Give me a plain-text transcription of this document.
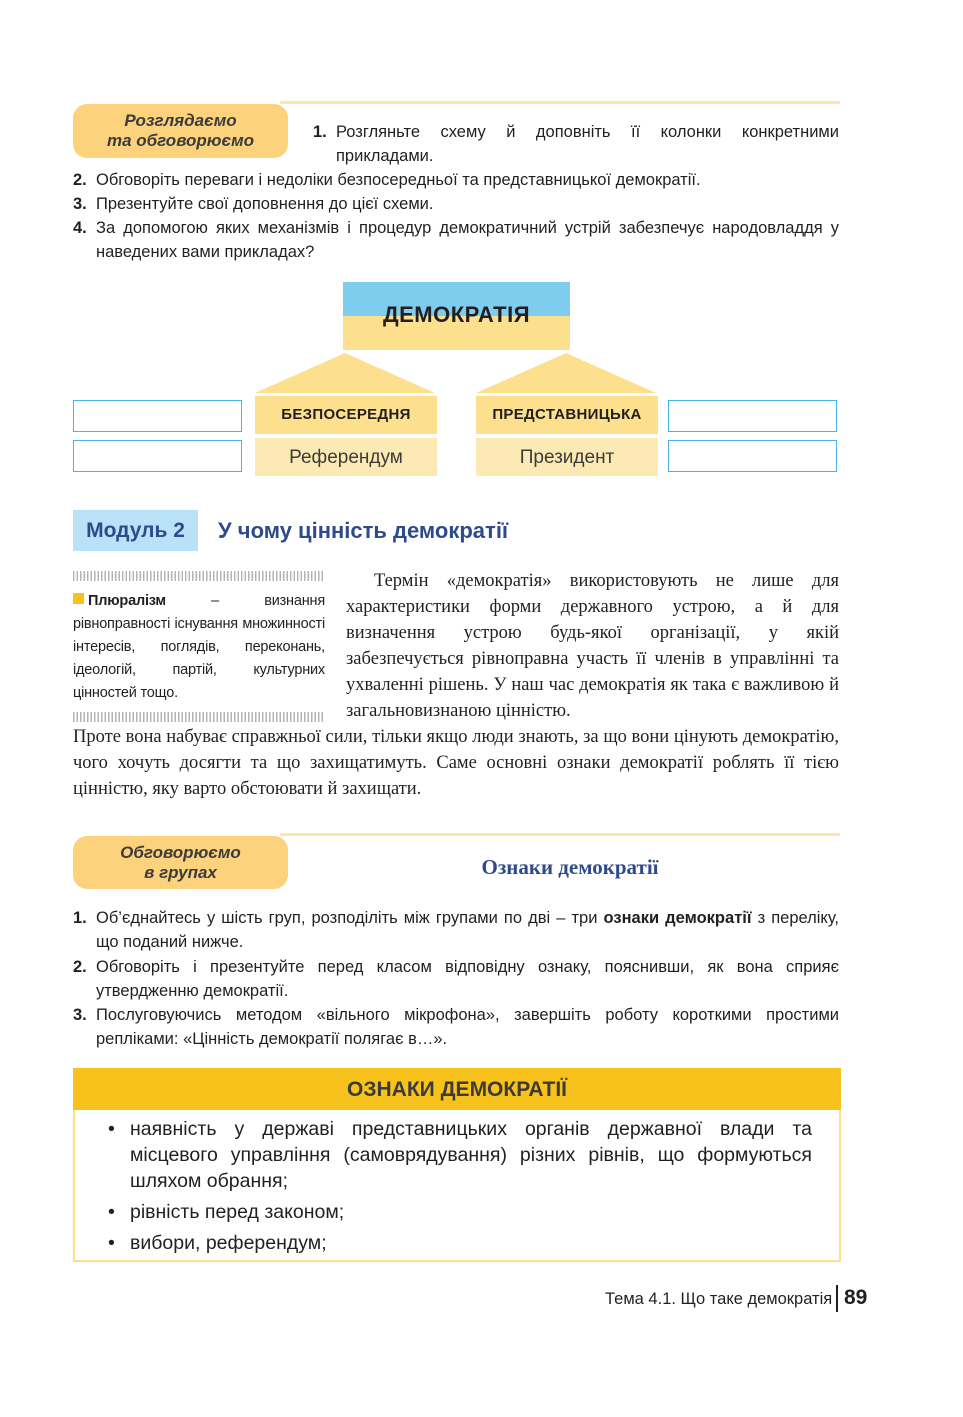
Розглядаємо
та обговорюємо	1. Розгляньте схему й доповніть її колонки конкретними прикладами.
2. Обговоріть переваги і недоліки безпосередньої та представницької демократії.
3. Презентуйте свої доповнення до цієї схеми.
4. За допомогою яких механізмів і процедур демократичний устрій забезпечує народовладдя у наведених вами прикладах?
ДЕМОКРАТІЯ
БЕЗПОСЕРЕДНЯ
Референдум
ПРЕДСТАВНИЦЬКА
Президент
Модуль 2	У чому цінність демократії
Плюралізм – визнання рівноправності існування множинності інтересів, поглядів, переконань, ідеологій, партій, культурних цінностей тощо.
Термін «демократія» використовують не лише для характеристики форми державного устрою, а й для визначення устрою будь-якої організації, у якій забезпечується рівноправна участь її членів в управлінні та ухваленні рішень. У наш час демократія як така є важливою й загальновизнаною цінністю.
Проте вона набуває справжньої сили, тільки якщо люди знають, за що вони цінують демократію, чого хочуть досягти та що захищатимуть. Саме основні ознаки демократії роблять її тією цінністю, яку варто обстоювати й захищати.
Обговорюємо
в групах	Ознаки демократії
1. Об’єднайтесь у шість груп, розподіліть між групами по дві – три ознаки демократії з переліку, що поданий нижче.
2. Обговоріть і презентуйте перед класом відповідну ознаку, пояснивши, як вона сприяє утвердженню демократії.
3. Послуговуючись методом «вільного мікрофона», завершіть роботу короткими простими репліками: «Цінність демократії полягає в…».
ОЗНАКИ ДЕМОКРАТІЇ
• наявність у державі представницьких органів державної влади та місцевого управління (самоврядування) різних рівнів, що формуються шляхом обрання;
• рівність перед законом;
• вибори, референдум;
Тема 4.1. Що таке демократія 89
